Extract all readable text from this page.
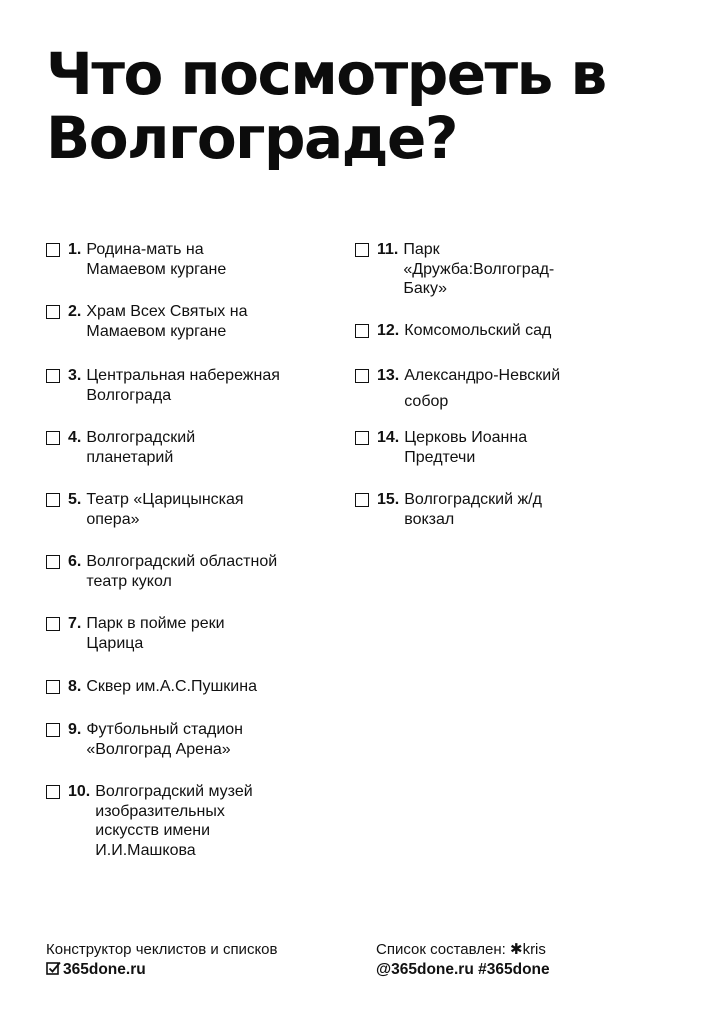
Что посмотреть в Волгограде?
1. Родина-мать на Мамаевом кургане
2. Храм Всех Святых на Мамаевом кургане
3. Центральная набережная Волгограда
4. Волгоградский планетарий
5. Театр «Царицынская опера»
6. Волгоградский областной театр кукол
7. Парк в пойме реки Царица
8. Сквер им.А.С.Пушкина
9. Футбольный стадион «Волгоград Арена»
10. Волгоградский музей изобразительных искусств имени И.И.Машкова
11. Парк «Дружба:Волгоград-Баку»
12. Комсомольский сад
13. Александро-Невский собор
14. Церковь Иоанна Предтечи
15. Волгоградский ж/д вокзал
Конструктор чеклистов и списков
365done.ru
Список составлен: ✱kris
@365done.ru #365done
